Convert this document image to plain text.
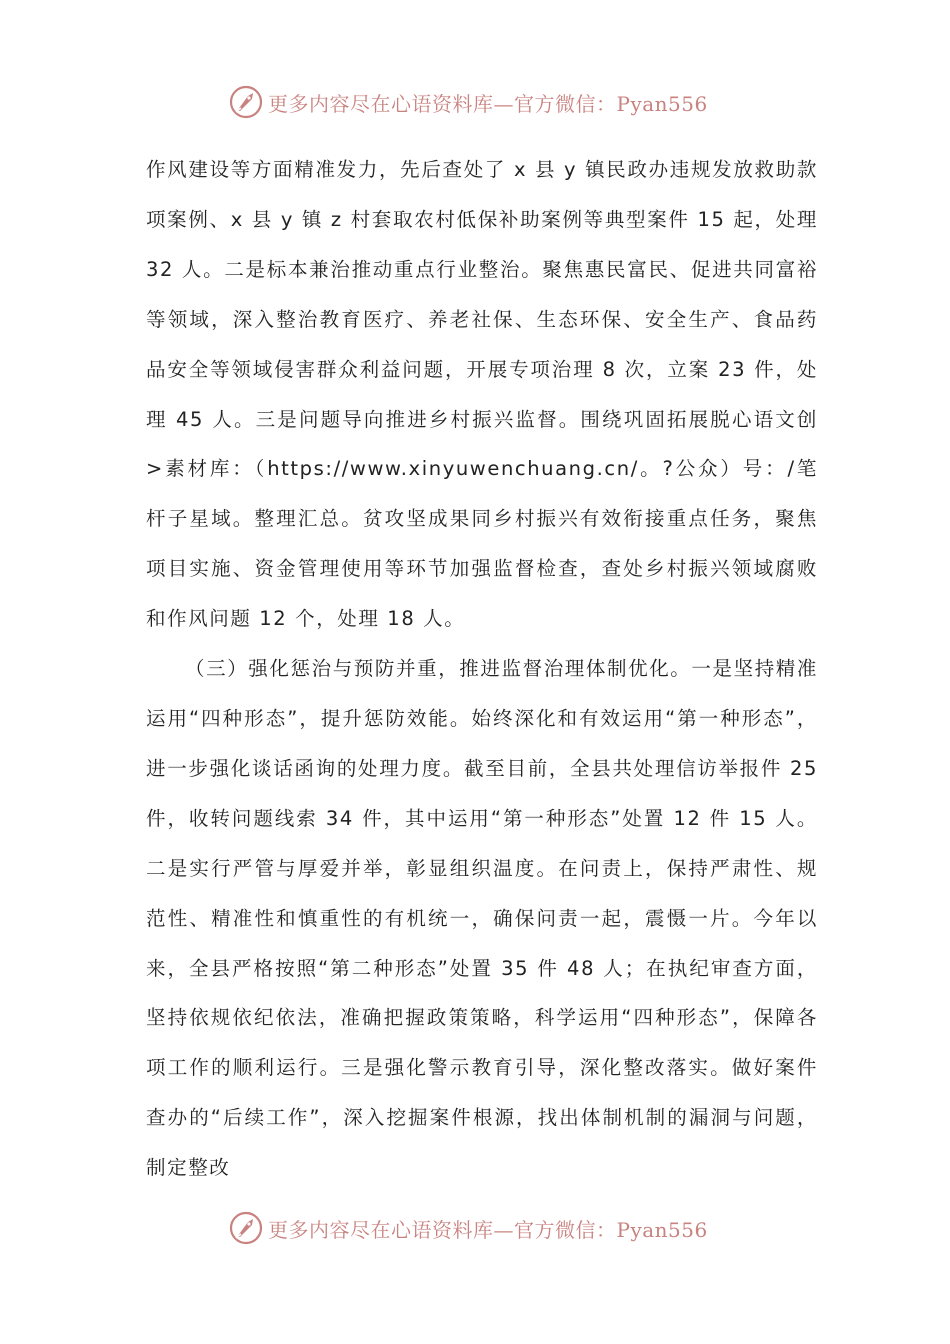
更多内容尽在心语资料库—官方微信：Pyan556

作风建设等方面精准发力，先后查处了 x 县 y 镇民政办违规发放救助款项案例、x 县 y 镇 z 村套取农村低保补助案例等典型案件 15 起，处理 32 人。二是标本兼治推动重点行业整治。聚焦惠民富民、促进共同富裕等领域，深入整治教育医疗、养老社保、生态环保、安全生产、食品药品安全等领域侵害群众利益问题，开展专项治理 8 次，立案 23 件，处理 45 人。三是问题导向推进乡村振兴监督。围绕巩固拓展脱心语文创>素材库：（https://www.xinyuwenchuang.cn/。?公众）号：/笔杆子星域。整理汇总。贫攻坚成果同乡村振兴有效衔接重点任务，聚焦项目实施、资金管理使用等环节加强监督检查，查处乡村振兴领域腐败和作风问题 12 个，处理 18 人。

（三）强化惩治与预防并重，推进监督治理体制优化。一是坚持精准运用“四种形态”，提升惩防效能。始终深化和有效运用“第一种形态”，进一步强化谈话函询的处理力度。截至目前，全县共处理信访举报件 25 件，收转问题线索 34 件，其中运用“第一种形态”处置 12 件 15 人。二是实行严管与厚爱并举，彰显组织温度。在问责上，保持严肃性、规范性、精准性和慎重性的有机统一，确保问责一起，震慑一片。今年以来，全县严格按照“第二种形态”处置 35 件 48 人；在执纪审查方面，坚持依规依纪依法，准确把握政策策略，科学运用“四种形态”，保障各项工作的顺利运行。三是强化警示教育引导，深化整改落实。做好案件查办的“后续工作”，深入挖掘案件根源，找出体制机制的漏洞与问题，制定整改

更多内容尽在心语资料库—官方微信：Pyan556
